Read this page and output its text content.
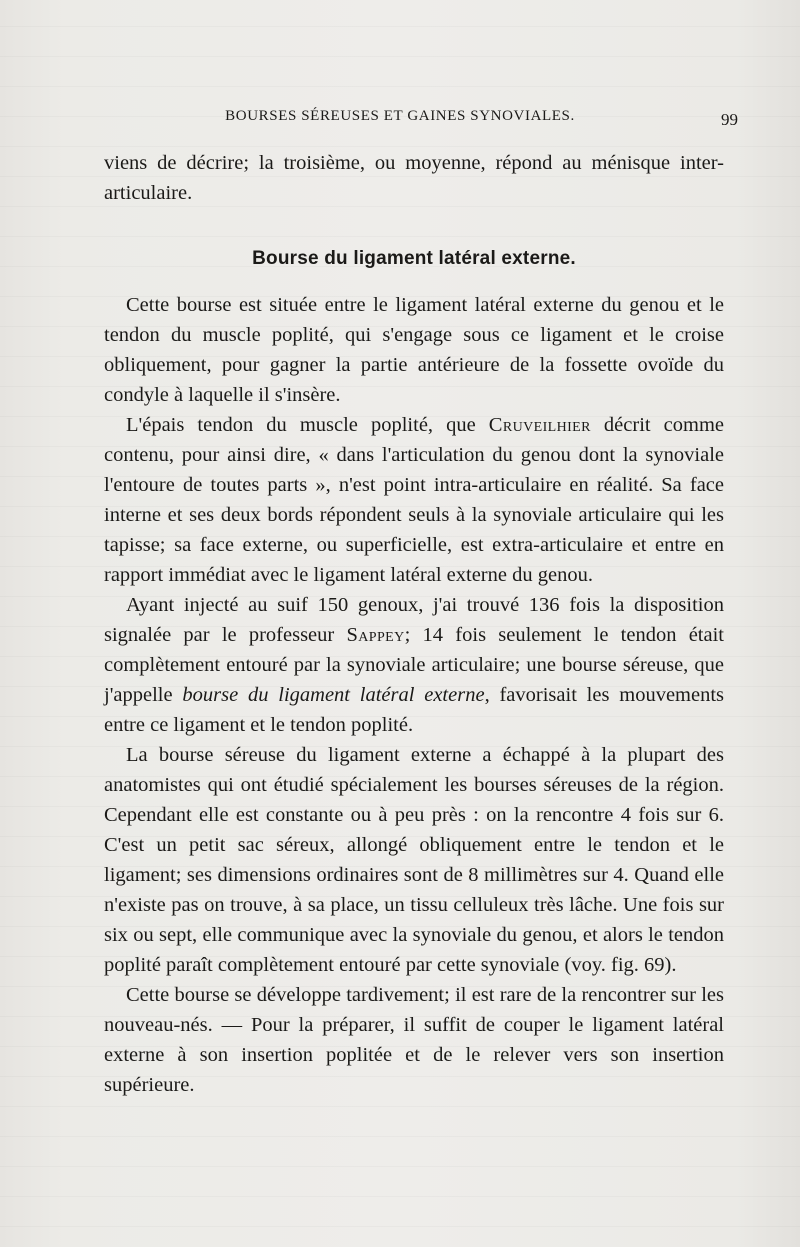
BOURSES SÉREUSES ET GAINES SYNOVIALES.	99

viens de décrire; la troisième, ou moyenne, répond au ménisque inter-articulaire.

Bourse du ligament latéral externe.

Cette bourse est située entre le ligament latéral externe du genou et le tendon du muscle poplité, qui s'engage sous ce ligament et le croise obliquement, pour gagner la partie antérieure de la fossette ovoïde du condyle à laquelle il s'insère.

L'épais tendon du muscle poplité, que Cruveilhier décrit comme contenu, pour ainsi dire, « dans l'articulation du genou dont la synoviale l'entoure de toutes parts », n'est point intra-articulaire en réalité. Sa face interne et ses deux bords répondent seuls à la synoviale articulaire qui les tapisse; sa face externe, ou superficielle, est extra-articulaire et entre en rapport immédiat avec le ligament latéral externe du genou.

Ayant injecté au suif 150 genoux, j'ai trouvé 136 fois la disposition signalée par le professeur Sappey; 14 fois seulement le tendon était complètement entouré par la synoviale articulaire; une bourse séreuse, que j'appelle bourse du ligament latéral externe, favorisait les mouvements entre ce ligament et le tendon poplité.

La bourse séreuse du ligament externe a échappé à la plupart des anatomistes qui ont étudié spécialement les bourses séreuses de la région. Cependant elle est constante ou à peu près : on la rencontre 4 fois sur 6. C'est un petit sac séreux, allongé obliquement entre le tendon et le ligament; ses dimensions ordinaires sont de 8 millimètres sur 4. Quand elle n'existe pas on trouve, à sa place, un tissu celluleux très lâche. Une fois sur six ou sept, elle communique avec la synoviale du genou, et alors le tendon poplité paraît complètement entouré par cette synoviale (voy. fig. 69).

Cette bourse se développe tardivement; il est rare de la rencontrer sur les nouveau-nés. — Pour la préparer, il suffit de couper le ligament latéral externe à son insertion poplitée et de le relever vers son insertion supérieure.
